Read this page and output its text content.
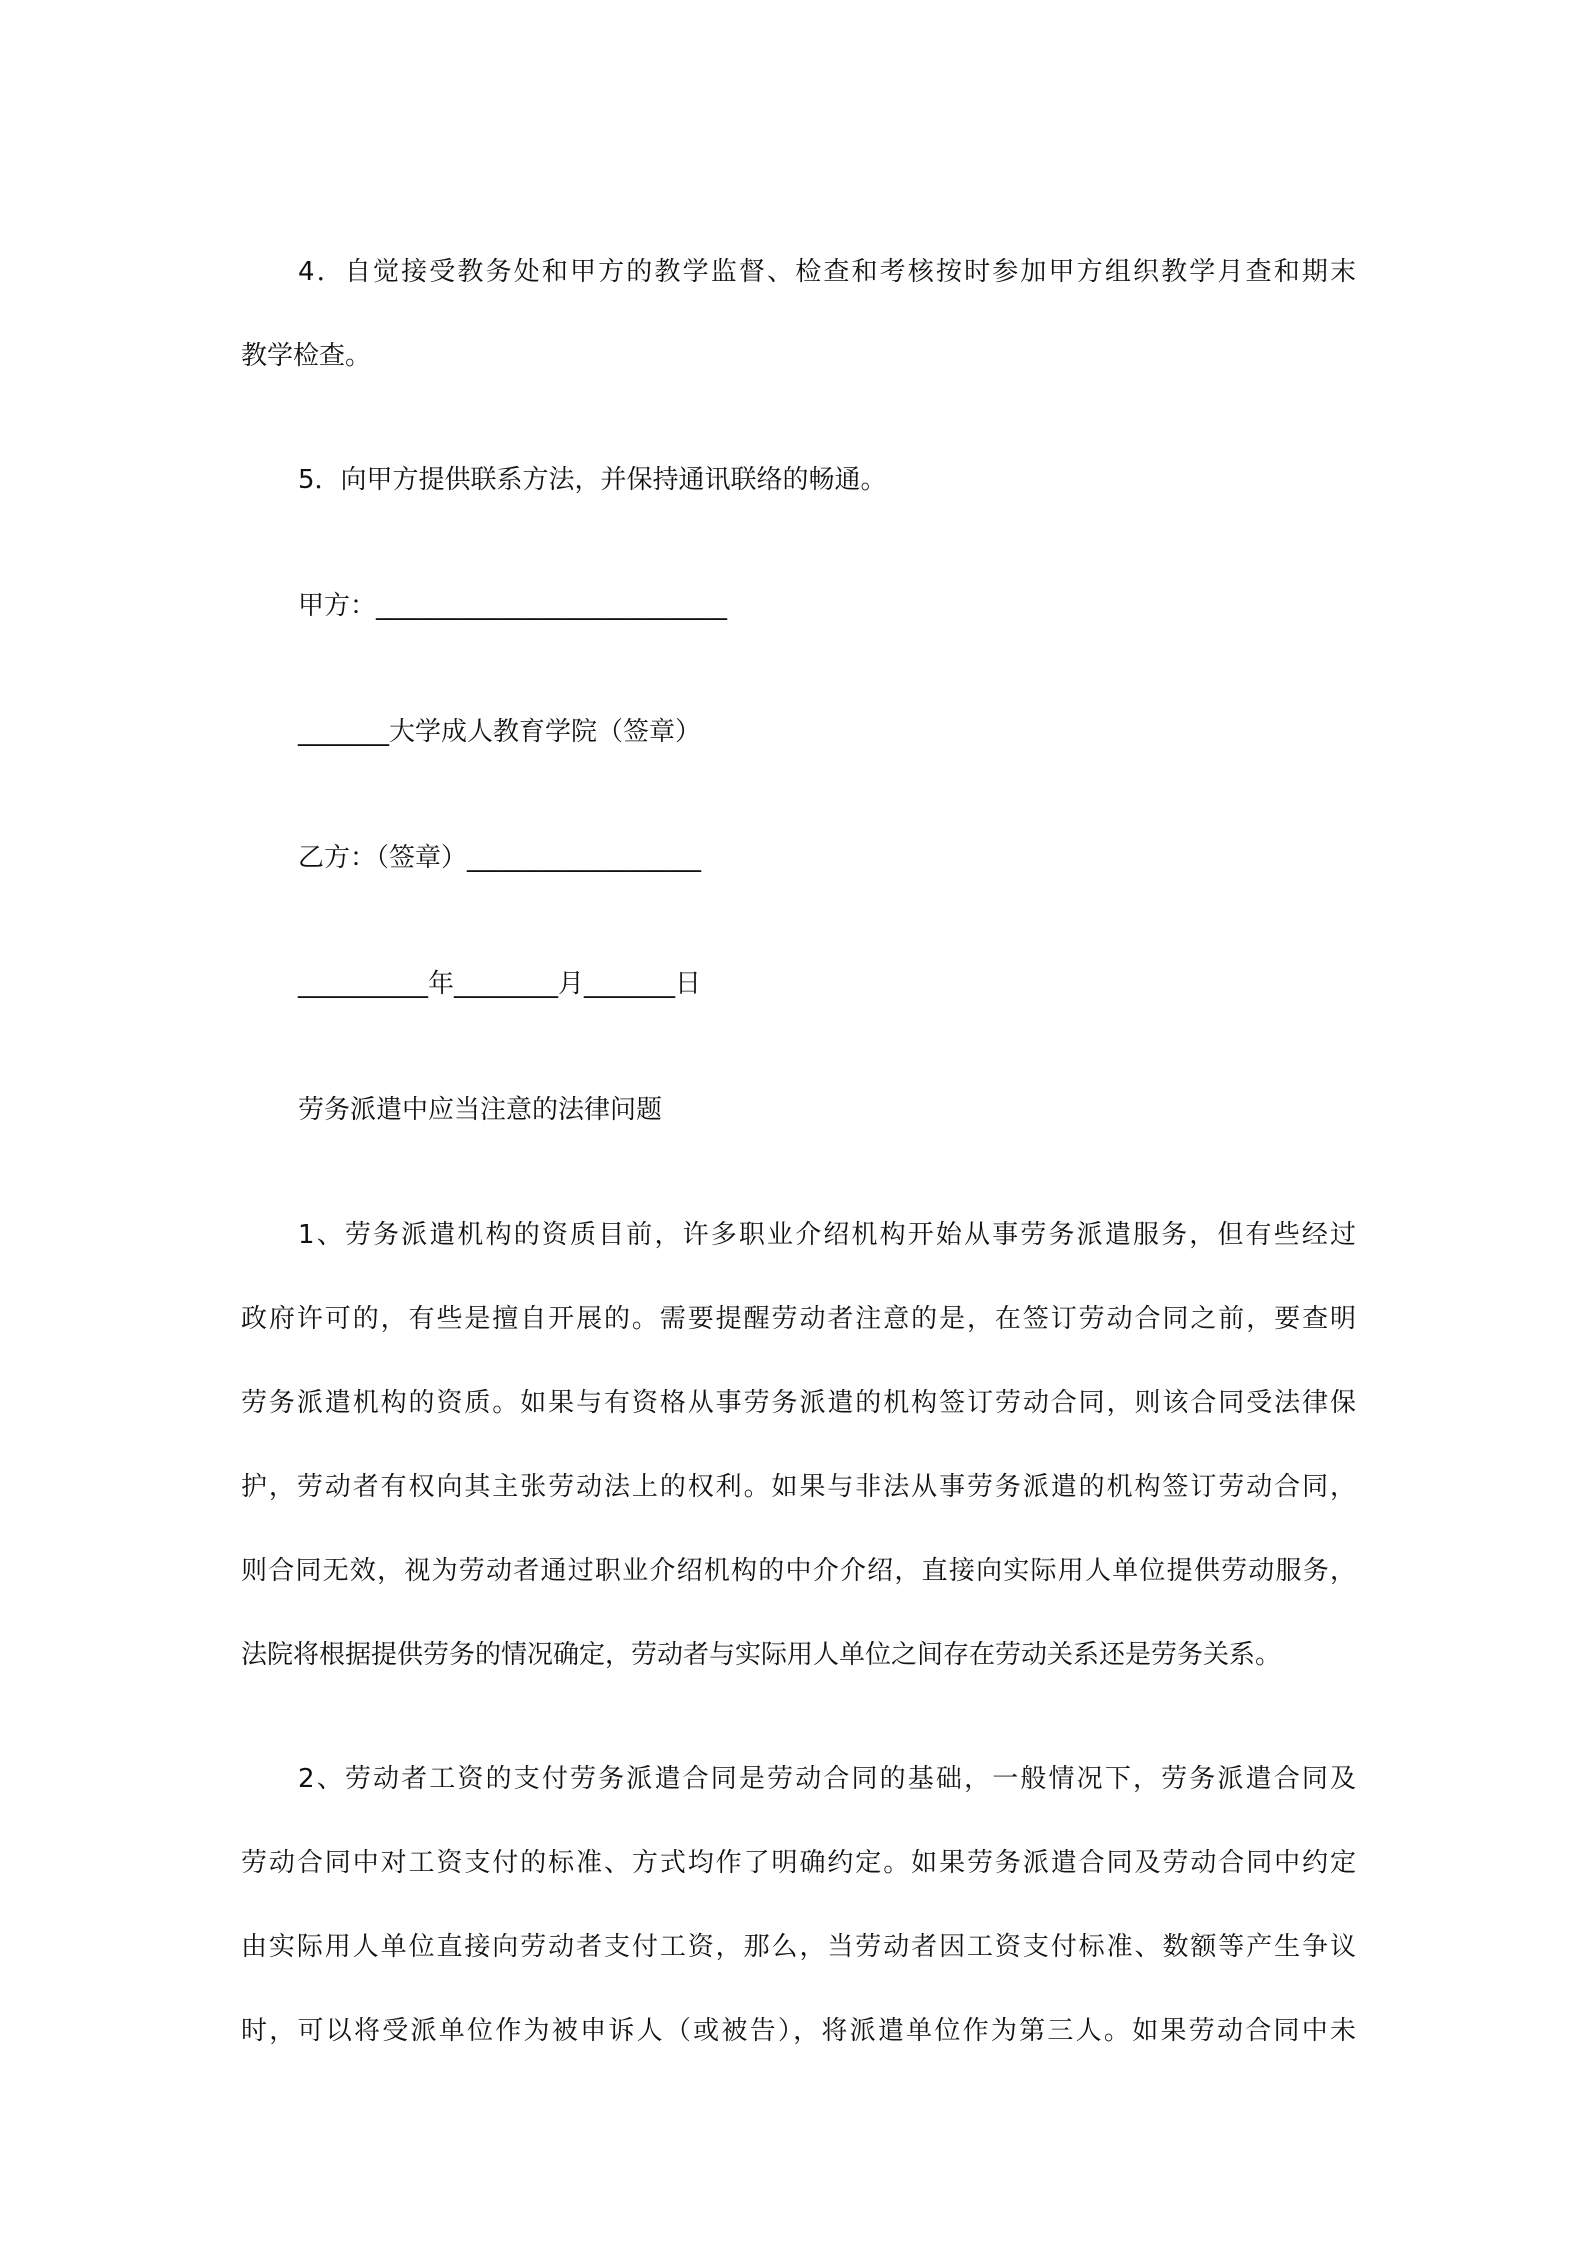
4．自觉接受教务处和甲方的教学监督、检查和考核按时参加甲方组织教学月查和期末
教学检查。
5．向甲方提供联系方法，并保持通讯联络的畅通。
甲方：___________________________
_______大学成人教育学院（签章）
乙方：（签章）__________________
__________年________月_______日
劳务派遣中应当注意的法律问题
1、劳务派遣机构的资质目前，许多职业介绍机构开始从事劳务派遣服务，但有些经过
政府许可的，有些是擅自开展的。需要提醒劳动者注意的是，在签订劳动合同之前，要查明
劳务派遣机构的资质。如果与有资格从事劳务派遣的机构签订劳动合同，则该合同受法律保
护，劳动者有权向其主张劳动法上的权利。如果与非法从事劳务派遣的机构签订劳动合同，
则合同无效，视为劳动者通过职业介绍机构的中介介绍，直接向实际用人单位提供劳动服务，
法院将根据提供劳务的情况确定，劳动者与实际用人单位之间存在劳动关系还是劳务关系。
2、劳动者工资的支付劳务派遣合同是劳动合同的基础，一般情况下，劳务派遣合同及
劳动合同中对工资支付的标准、方式均作了明确约定。如果劳务派遣合同及劳动合同中约定
由实际用人单位直接向劳动者支付工资，那么，当劳动者因工资支付标准、数额等产生争议
时，可以将受派单位作为被申诉人（或被告），将派遣单位作为第三人。如果劳动合同中未
